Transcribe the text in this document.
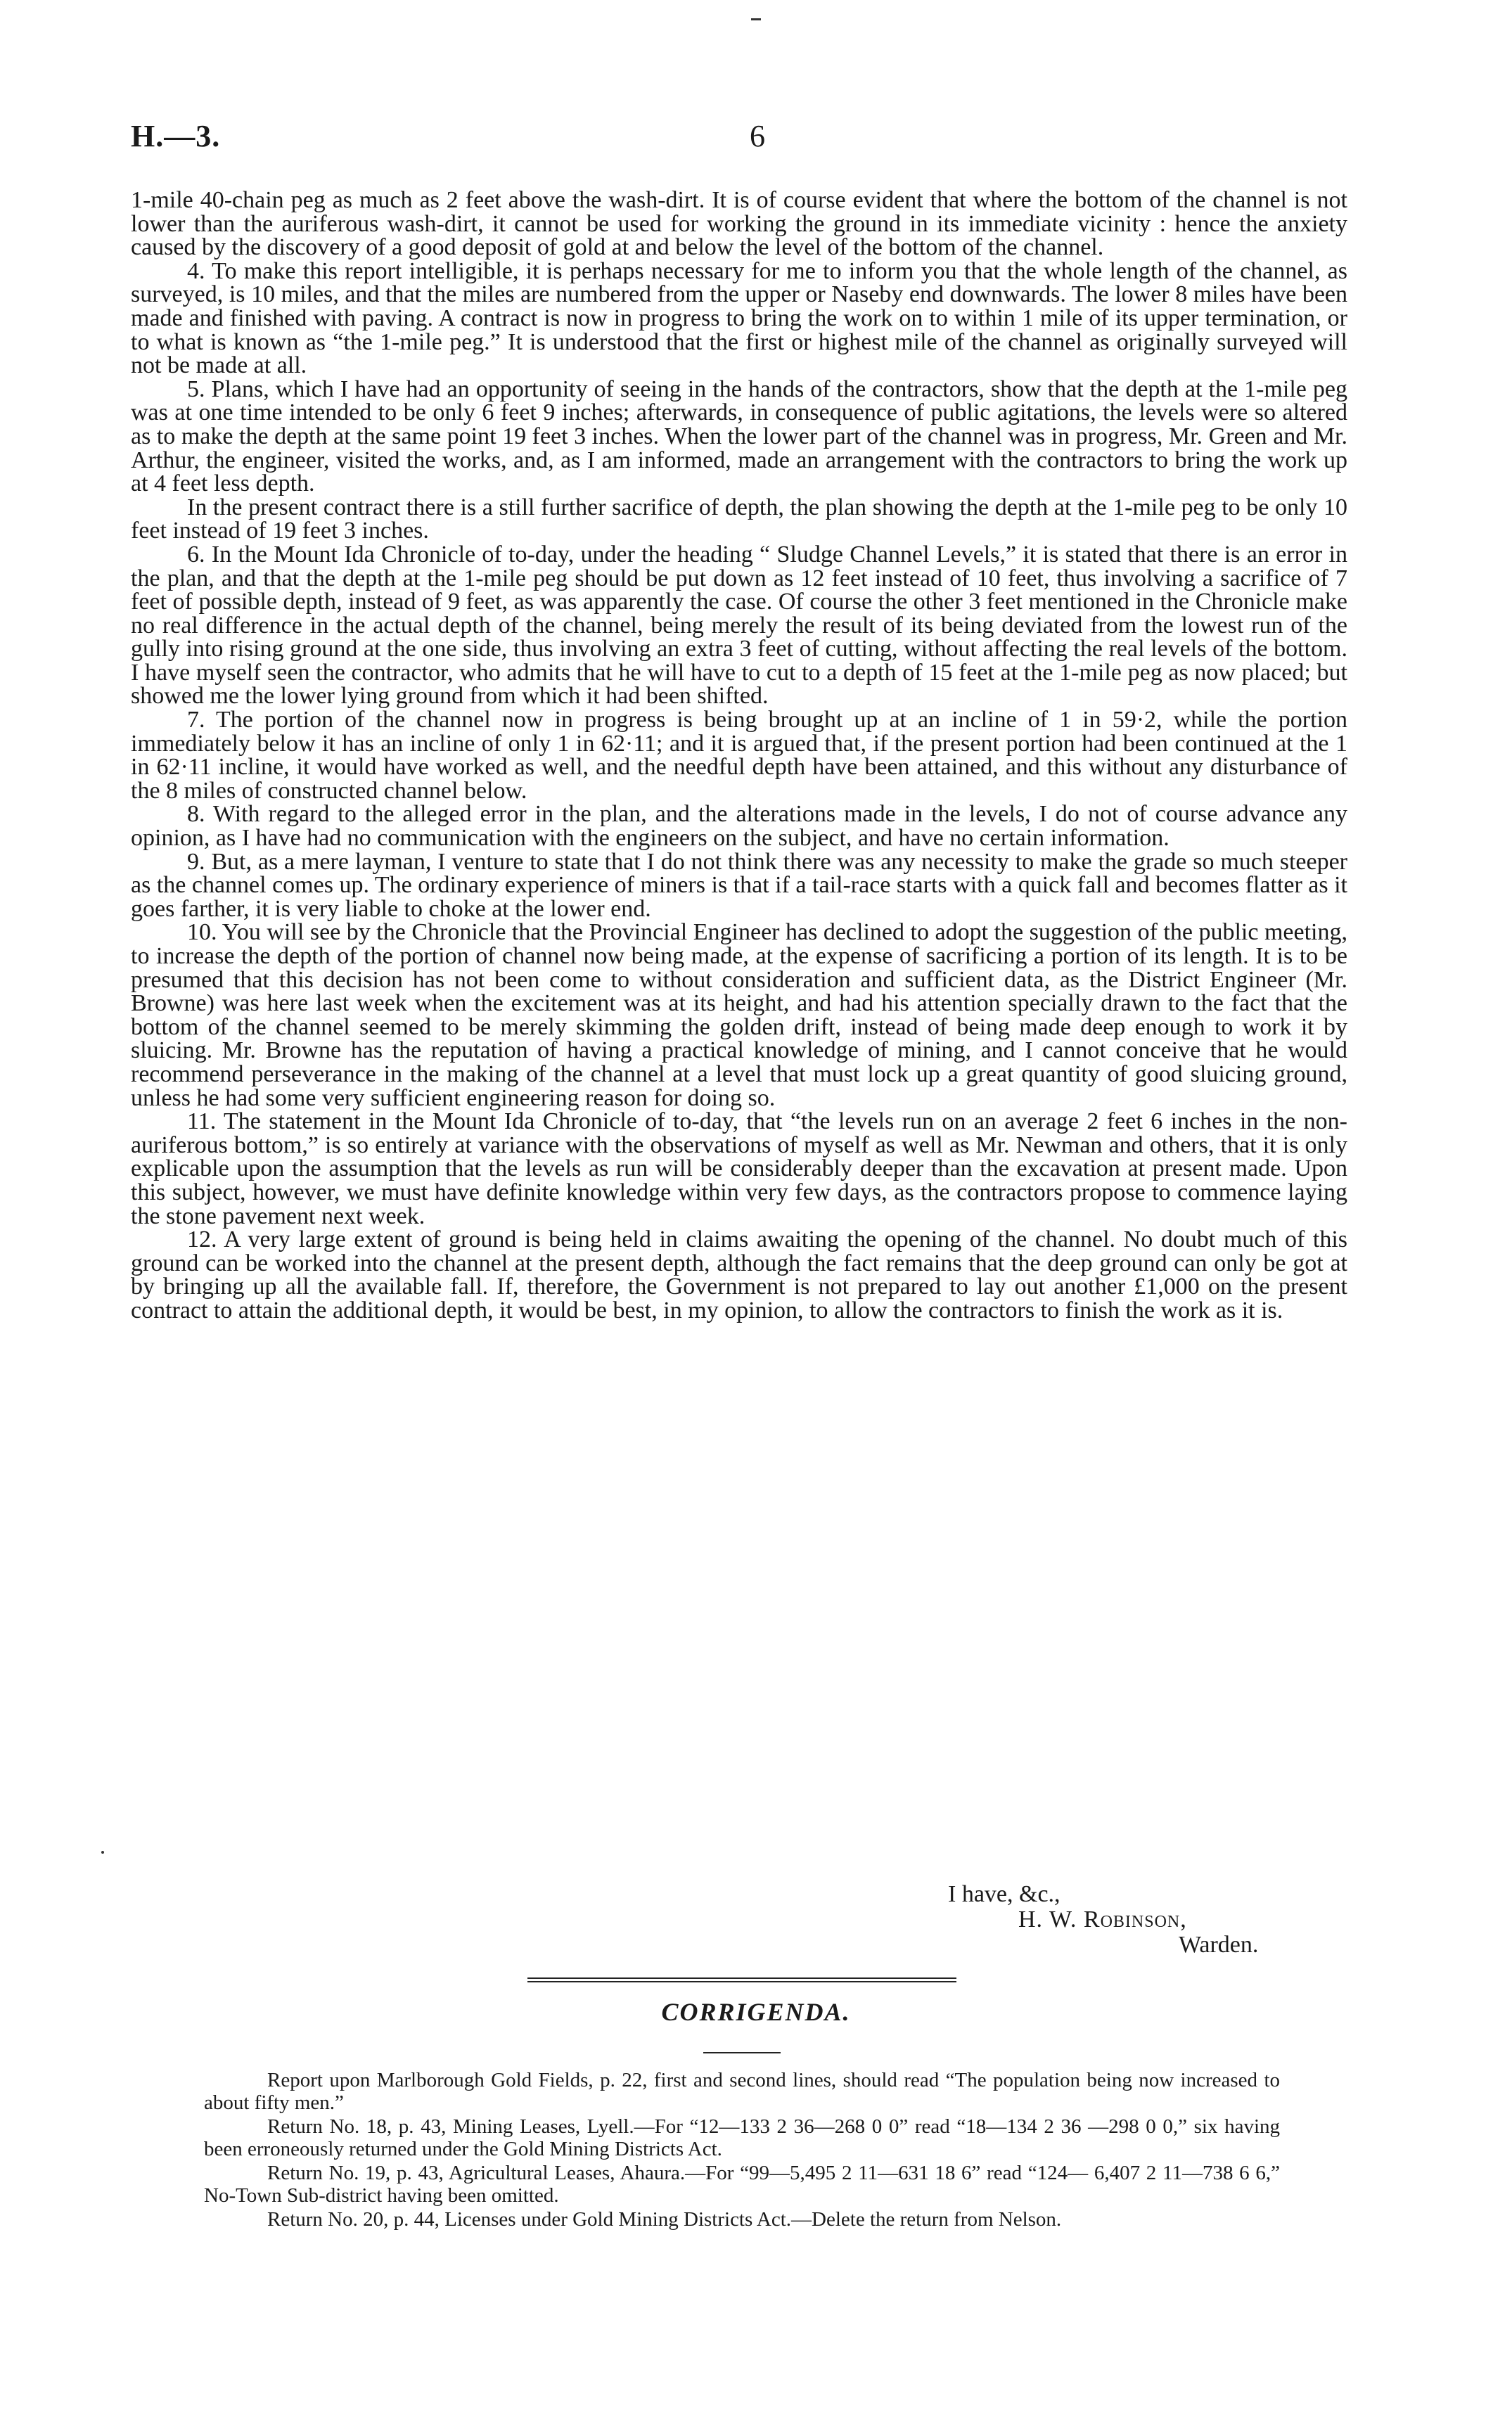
H.—3.	6

1-mile 40-chain peg as much as 2 feet above the wash-dirt. It is of course evident that where the bottom of the channel is not lower than the auriferous wash-dirt, it cannot be used for working the ground in its immediate vicinity : hence the anxiety caused by the discovery of a good deposit of gold at and below the level of the bottom of the channel.

4. To make this report intelligible, it is perhaps necessary for me to inform you that the whole length of the channel, as surveyed, is 10 miles, and that the miles are numbered from the upper or Naseby end downwards. The lower 8 miles have been made and finished with paving. A contract is now in progress to bring the work on to within 1 mile of its upper termination, or to what is known as “the 1-mile peg.” It is understood that the first or highest mile of the channel as originally surveyed will not be made at all.

5. Plans, which I have had an opportunity of seeing in the hands of the contractors, show that the depth at the 1-mile peg was at one time intended to be only 6 feet 9 inches; afterwards, in consequence of public agitations, the levels were so altered as to make the depth at the same point 19 feet 3 inches. When the lower part of the channel was in progress, Mr. Green and Mr. Arthur, the engineer, visited the works, and, as I am informed, made an arrangement with the contractors to bring the work up at 4 feet less depth.

In the present contract there is a still further sacrifice of depth, the plan showing the depth at the 1-mile peg to be only 10 feet instead of 19 feet 3 inches.

6. In the Mount Ida Chronicle of to-day, under the heading “ Sludge Channel Levels,” it is stated that there is an error in the plan, and that the depth at the 1-mile peg should be put down as 12 feet instead of 10 feet, thus involving a sacrifice of 7 feet of possible depth, instead of 9 feet, as was apparently the case. Of course the other 3 feet mentioned in the Chronicle make no real difference in the actual depth of the channel, being merely the result of its being deviated from the lowest run of the gully into rising ground at the one side, thus involving an extra 3 feet of cutting, without affecting the real levels of the bottom. I have myself seen the contractor, who admits that he will have to cut to a depth of 15 feet at the 1-mile peg as now placed; but showed me the lower lying ground from which it had been shifted.

7. The portion of the channel now in progress is being brought up at an incline of 1 in 59·2, while the portion immediately below it has an incline of only 1 in 62·11; and it is argued that, if the present portion had been continued at the 1 in 62·11 incline, it would have worked as well, and the needful depth have been attained, and this without any disturbance of the 8 miles of constructed channel below.

8. With regard to the alleged error in the plan, and the alterations made in the levels, I do not of course advance any opinion, as I have had no communication with the engineers on the subject, and have no certain information.

9. But, as a mere layman, I venture to state that I do not think there was any necessity to make the grade so much steeper as the channel comes up. The ordinary experience of miners is that if a tail-race starts with a quick fall and becomes flatter as it goes farther, it is very liable to choke at the lower end.

10. You will see by the Chronicle that the Provincial Engineer has declined to adopt the suggestion of the public meeting, to increase the depth of the portion of channel now being made, at the expense of sacrificing a portion of its length. It is to be presumed that this decision has not been come to without consideration and sufficient data, as the District Engineer (Mr. Browne) was here last week when the excitement was at its height, and had his attention specially drawn to the fact that the bottom of the channel seemed to be merely skimming the golden drift, instead of being made deep enough to work it by sluicing. Mr. Browne has the reputation of having a practical knowledge of mining, and I cannot conceive that he would recommend perseverance in the making of the channel at a level that must lock up a great quantity of good sluicing ground, unless he had some very sufficient engineering reason for doing so.

11. The statement in the Mount Ida Chronicle of to-day, that “the levels run on an average 2 feet 6 inches in the non-auriferous bottom,” is so entirely at variance with the observations of myself as well as Mr. Newman and others, that it is only explicable upon the assumption that the levels as run will be considerably deeper than the excavation at present made. Upon this subject, however, we must have definite knowledge within very few days, as the contractors propose to commence laying the stone pavement next week.

12. A very large extent of ground is being held in claims awaiting the opening of the channel. No doubt much of this ground can be worked into the channel at the present depth, although the fact remains that the deep ground can only be got at by bringing up all the available fall. If, therefore, the Government is not prepared to lay out another £1,000 on the present contract to attain the additional depth, it would be best, in my opinion, to allow the contractors to finish the work as it is.

I have, &c.,
H. W. Robinson,
Warden.
CORRIGENDA.

Report upon Marlborough Gold Fields, p. 22, first and second lines, should read “The population being now increased to about fifty men.”

Return No. 18, p. 43, Mining Leases, Lyell.—For “12—133 2 36—268 0 0” read “18—134 2 36 —298 0 0,” six having been erroneously returned under the Gold Mining Districts Act.

Return No. 19, p. 43, Agricultural Leases, Ahaura.—For “99—5,495 2 11—631 18 6” read “124— 6,407 2 11—738 6 6,” No-Town Sub-district having been omitted.

Return No. 20, p. 44, Licenses under Gold Mining Districts Act.—Delete the return from Nelson.
